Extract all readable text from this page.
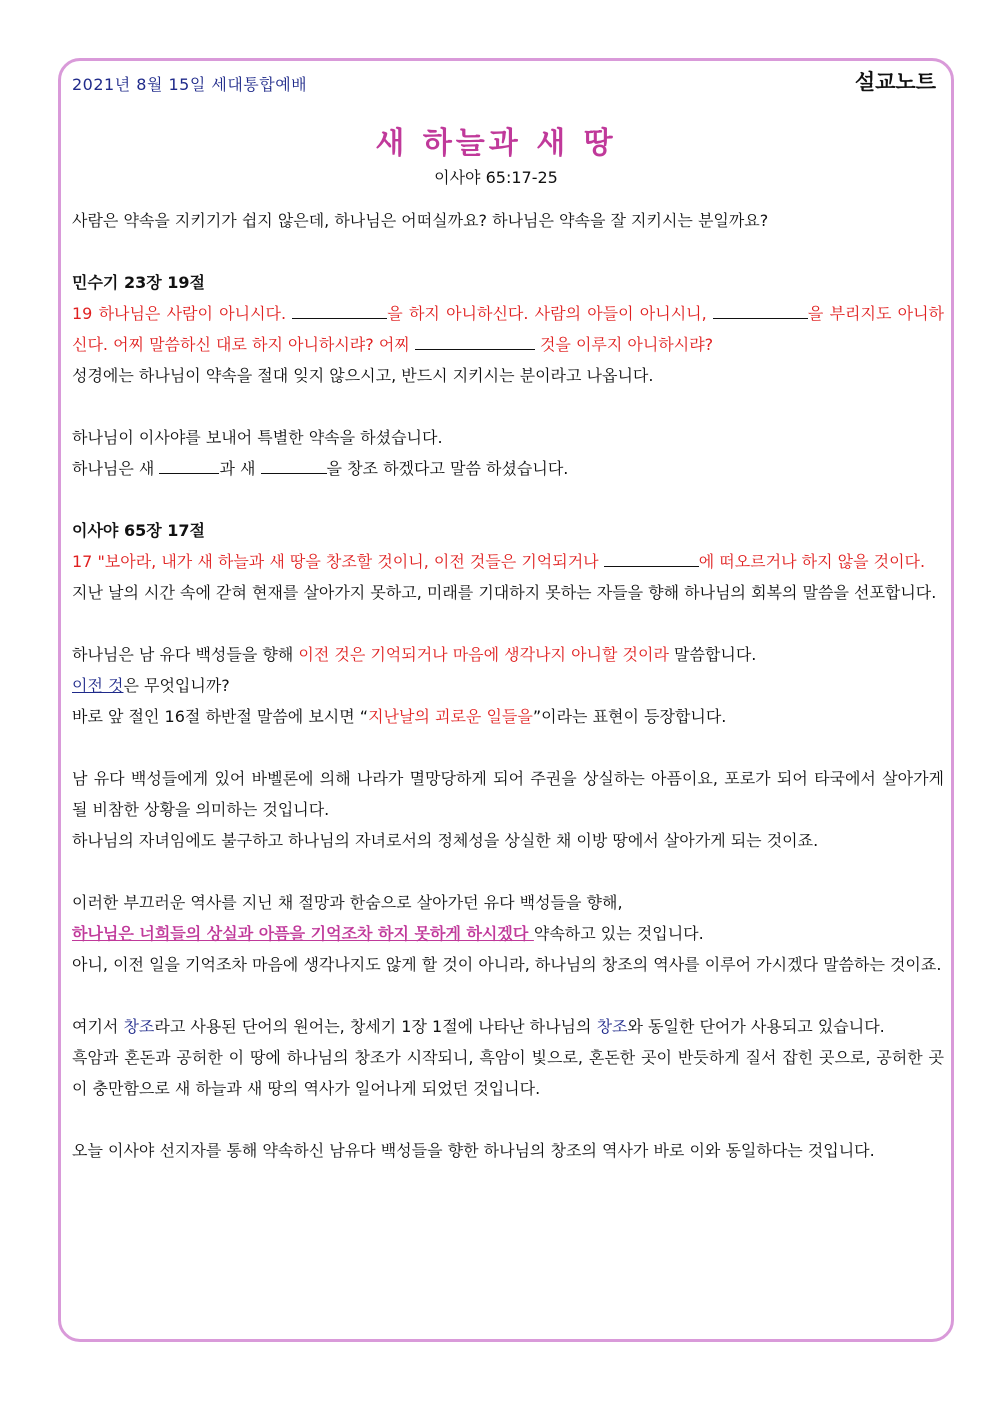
2021년 8월 15일 세대통합예배	설교노트
새 하늘과 새 땅
이사야 65:17-25

사람은 약속을 지키기가 쉽지 않은데, 하나님은 어떠실까요? 하나님은 약속을 잘 지키시는 분일까요?

민수기 23장 19절

19 하나님은 사람이 아니시다.	을 하지 아니하신다. 사람의 아들이 아니시니,	을 부리지도 아니하신다. 어찌 말씀하신 대로 하지 아니하시랴? 어찌	것을 이루지 아니하시랴?

성경에는 하나님이 약속을 절대 잊지 않으시고, 반드시 지키시는 분이라고 나옵니다.

하나님이 이사야를 보내어 특별한 약속을 하셨습니다.

하나님은 새	과 새	을 창조 하겠다고 말씀 하셨습니다.

이사야 65장 17절

17 "보아라, 내가 새 하늘과 새 땅을 창조할 것이니, 이전 것들은 기억되거나	에 떠오르거나 하지 않을 것이다.

지난 날의 시간 속에 갇혀 현재를 살아가지 못하고, 미래를 기대하지 못하는 자들을 향해 하나님의 회복의 말씀을 선포합니다.

하나님은 남 유다 백성들을 향해 이전 것은 기억되거나 마음에 생각나지 아니할 것이라 말씀합니다.

이전 것은 무엇입니까?

바로 앞 절인 16절 하반절 말씀에 보시면 “지난날의 괴로운 일들을”이라는 표현이 등장합니다.

남 유다 백성들에게 있어 바벨론에 의해 나라가 멸망당하게 되어 주권을 상실하는 아픔이요, 포로가 되어 타국에서 살아가게 될 비참한 상황을 의미하는 것입니다.

하나님의 자녀임에도 불구하고 하나님의 자녀로서의 정체성을 상실한 채 이방 땅에서 살아가게 되는 것이죠.

이러한 부끄러운 역사를 지닌 채 절망과 한숨으로 살아가던 유다 백성들을 향해,

하나님은 너희들의 상실과 아픔을 기억조차 하지 못하게 하시겠다 약속하고 있는 것입니다.

아니, 이전 일을 기억조차 마음에 생각나지도 않게 할 것이 아니라, 하나님의 창조의 역사를 이루어 가시겠다 말씀하는 것이죠.

여기서 창조라고 사용된 단어의 원어는, 창세기 1장 1절에 나타난 하나님의 창조와 동일한 단어가 사용되고 있습니다.

흑암과 혼돈과 공허한 이 땅에 하나님의 창조가 시작되니, 흑암이 빛으로, 혼돈한 곳이 반듯하게 질서 잡힌 곳으로, 공허한 곳이 충만함으로 새 하늘과 새 땅의 역사가 일어나게 되었던 것입니다.

오늘 이사야 선지자를 통해 약속하신 남유다 백성들을 향한 하나님의 창조의 역사가 바로 이와 동일하다는 것입니다.
